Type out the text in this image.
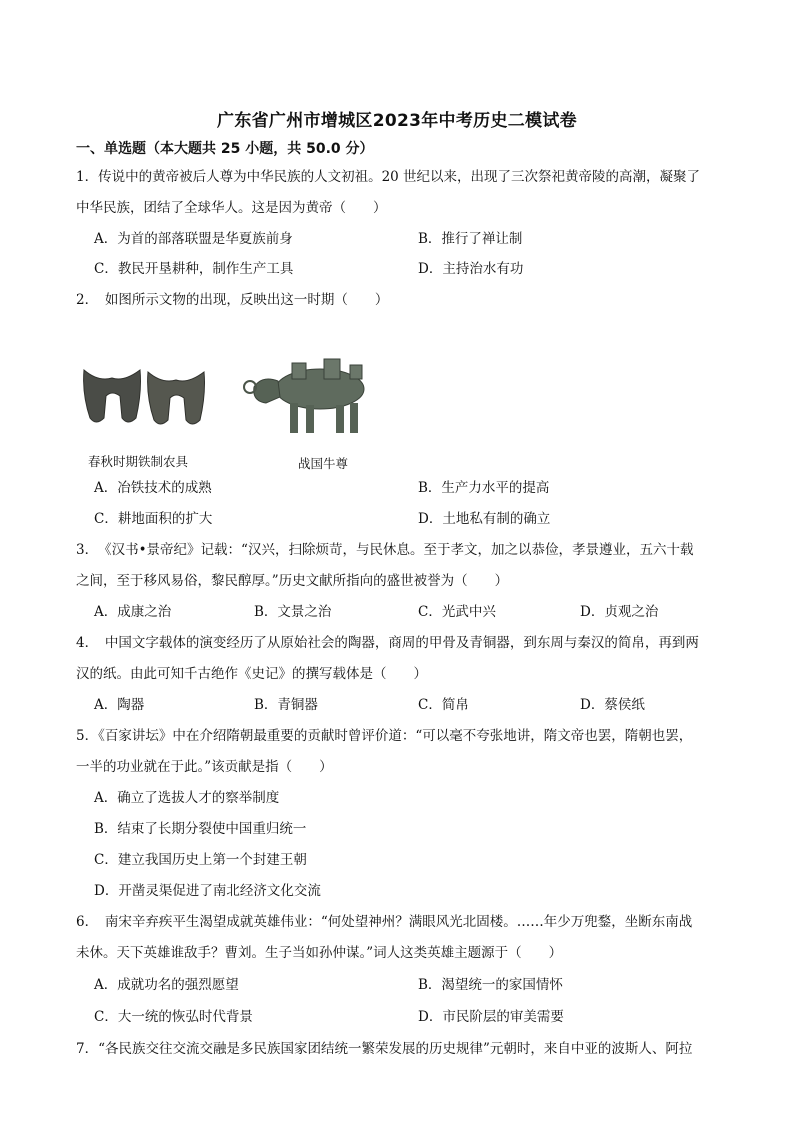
广东省广州市增城区2023年中考历史二模试卷
一、单选题（本大题共 25 小题，共 50.0 分）
1．传说中的黄帝被后人尊为中华民族的人文初祖。20 世纪以来，出现了三次祭祀黄帝陵的高潮，凝聚了
中华民族，团结了全球华人。这是因为黄帝（　　）
A．为首的部落联盟是华夏族前身	B．推行了禅让制
C．教民开垦耕种，制作生产工具	D．主持治水有功
2．　如图所示文物的出现，反映出这一时期（　　）
春秋时期铁制农具	战国牛尊
A．冶铁技术的成熟	B．生产力水平的提高
C．耕地面积的扩大	D．土地私有制的确立
3．　《汉书•景帝纪》记载：“汉兴，扫除烦苛，与民休息。至于孝文，加之以恭俭，孝景遵业，五六十载
之间，至于移风易俗，黎民醇厚。”历史文献所指向的盛世被誉为（　　）
A．成康之治	B．文景之治	C．光武中兴	D．贞观之治
4．　中国文字载体的演变经历了从原始社会的陶器，商周的甲骨及青铜器，到东周与秦汉的简帛，再到两
汉的纸。由此可知千古绝作《史记》的撰写载体是（　　）
A．陶器	B．青铜器	C．简帛	D．蔡侯纸
5．《百家讲坛》中在介绍隋朝最重要的贡献时曾评价道：“可以毫不夸张地讲，隋文帝也罢，隋朝也罢，
一半的功业就在于此。”该贡献是指（　　）
A．确立了选拔人才的察举制度
B．结束了长期分裂使中国重归统一
C．建立我国历史上第一个封建王朝
D．开凿灵渠促进了南北经济文化交流
6．　南宋辛弃疾平生渴望成就英雄伟业：“何处望神州？满眼风光北固楼。……年少万兜鍪，坐断东南战
未休。天下英雄谁敌手？曹刘。生子当如孙仲谋。”词人这类英雄主题源于（　　）
A．成就功名的强烈愿望	B．渴望统一的家国情怀
C．大一统的恢弘时代背景	D．市民阶层的审美需要
7．“各民族交往交流交融是多民族国家团结统一繁荣发展的历史规律”元朝时，来自中亚的波斯人、阿拉
